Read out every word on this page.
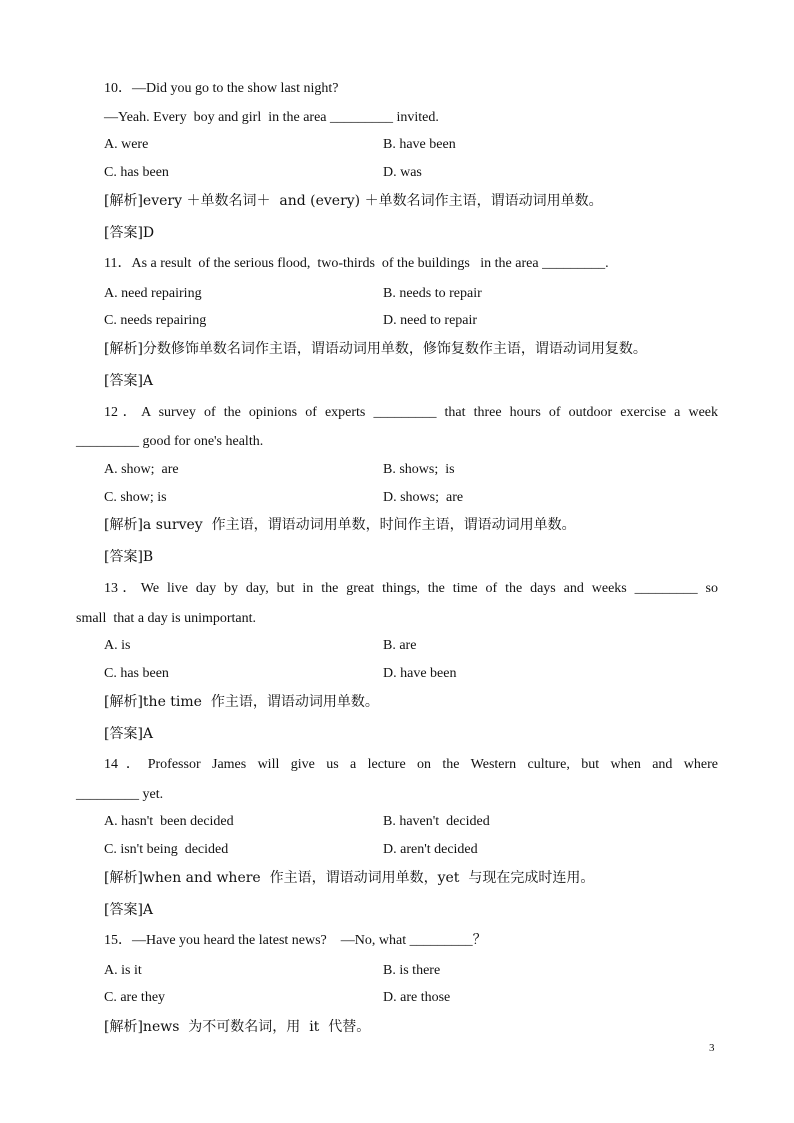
10．—Did you go to the show last night?
—Yeah. Every  boy and girl  in the area _________ invited.
A. were	B. have been
C. has been	D. was
[解析]every ＋单数名词＋  and (every) ＋单数名词作主语，谓语动词用单数。
[答案]D
11．As a result  of the serious flood,  two-thirds  of the buildings   in the area _________.
A. need repairing	B. needs to repair
C. needs repairing	D. need to repair
[解析]分数修饰单数名词作主语，谓语动词用单数，修饰复数作主语，谓语动词用复数。
[答案]A
12．A survey of the opinions of experts _________ that three hours of outdoor exercise a week
_________ good for one's health.
A. show;  are	B. shows;  is
C. show; is	D. shows;  are
[解析]a survey  作主语，谓语动词用单数，时间作主语，谓语动词用单数。
[答案]B
13．We live day by day, but in the great things, the time of the days and weeks _________ so
small  that a day is unimportant.
A. is	B. are
C. has been	D. have been
[解析]the time  作主语，谓语动词用单数。
[答案]A
14．Professor James will give us a lecture on the Western culture, but when and where
_________ yet.
A. hasn't  been decided	B. haven't  decided
C. isn't being  decided	D. aren't decided
[解析]when and where  作主语，谓语动词用单数，yet  与现在完成时连用。
[答案]A
15．—Have you heard the latest news?    —No, what _________？
A. is it	B. is there
C. are they	D. are those
[解析]news  为不可数名词，用  it  代替。
3
